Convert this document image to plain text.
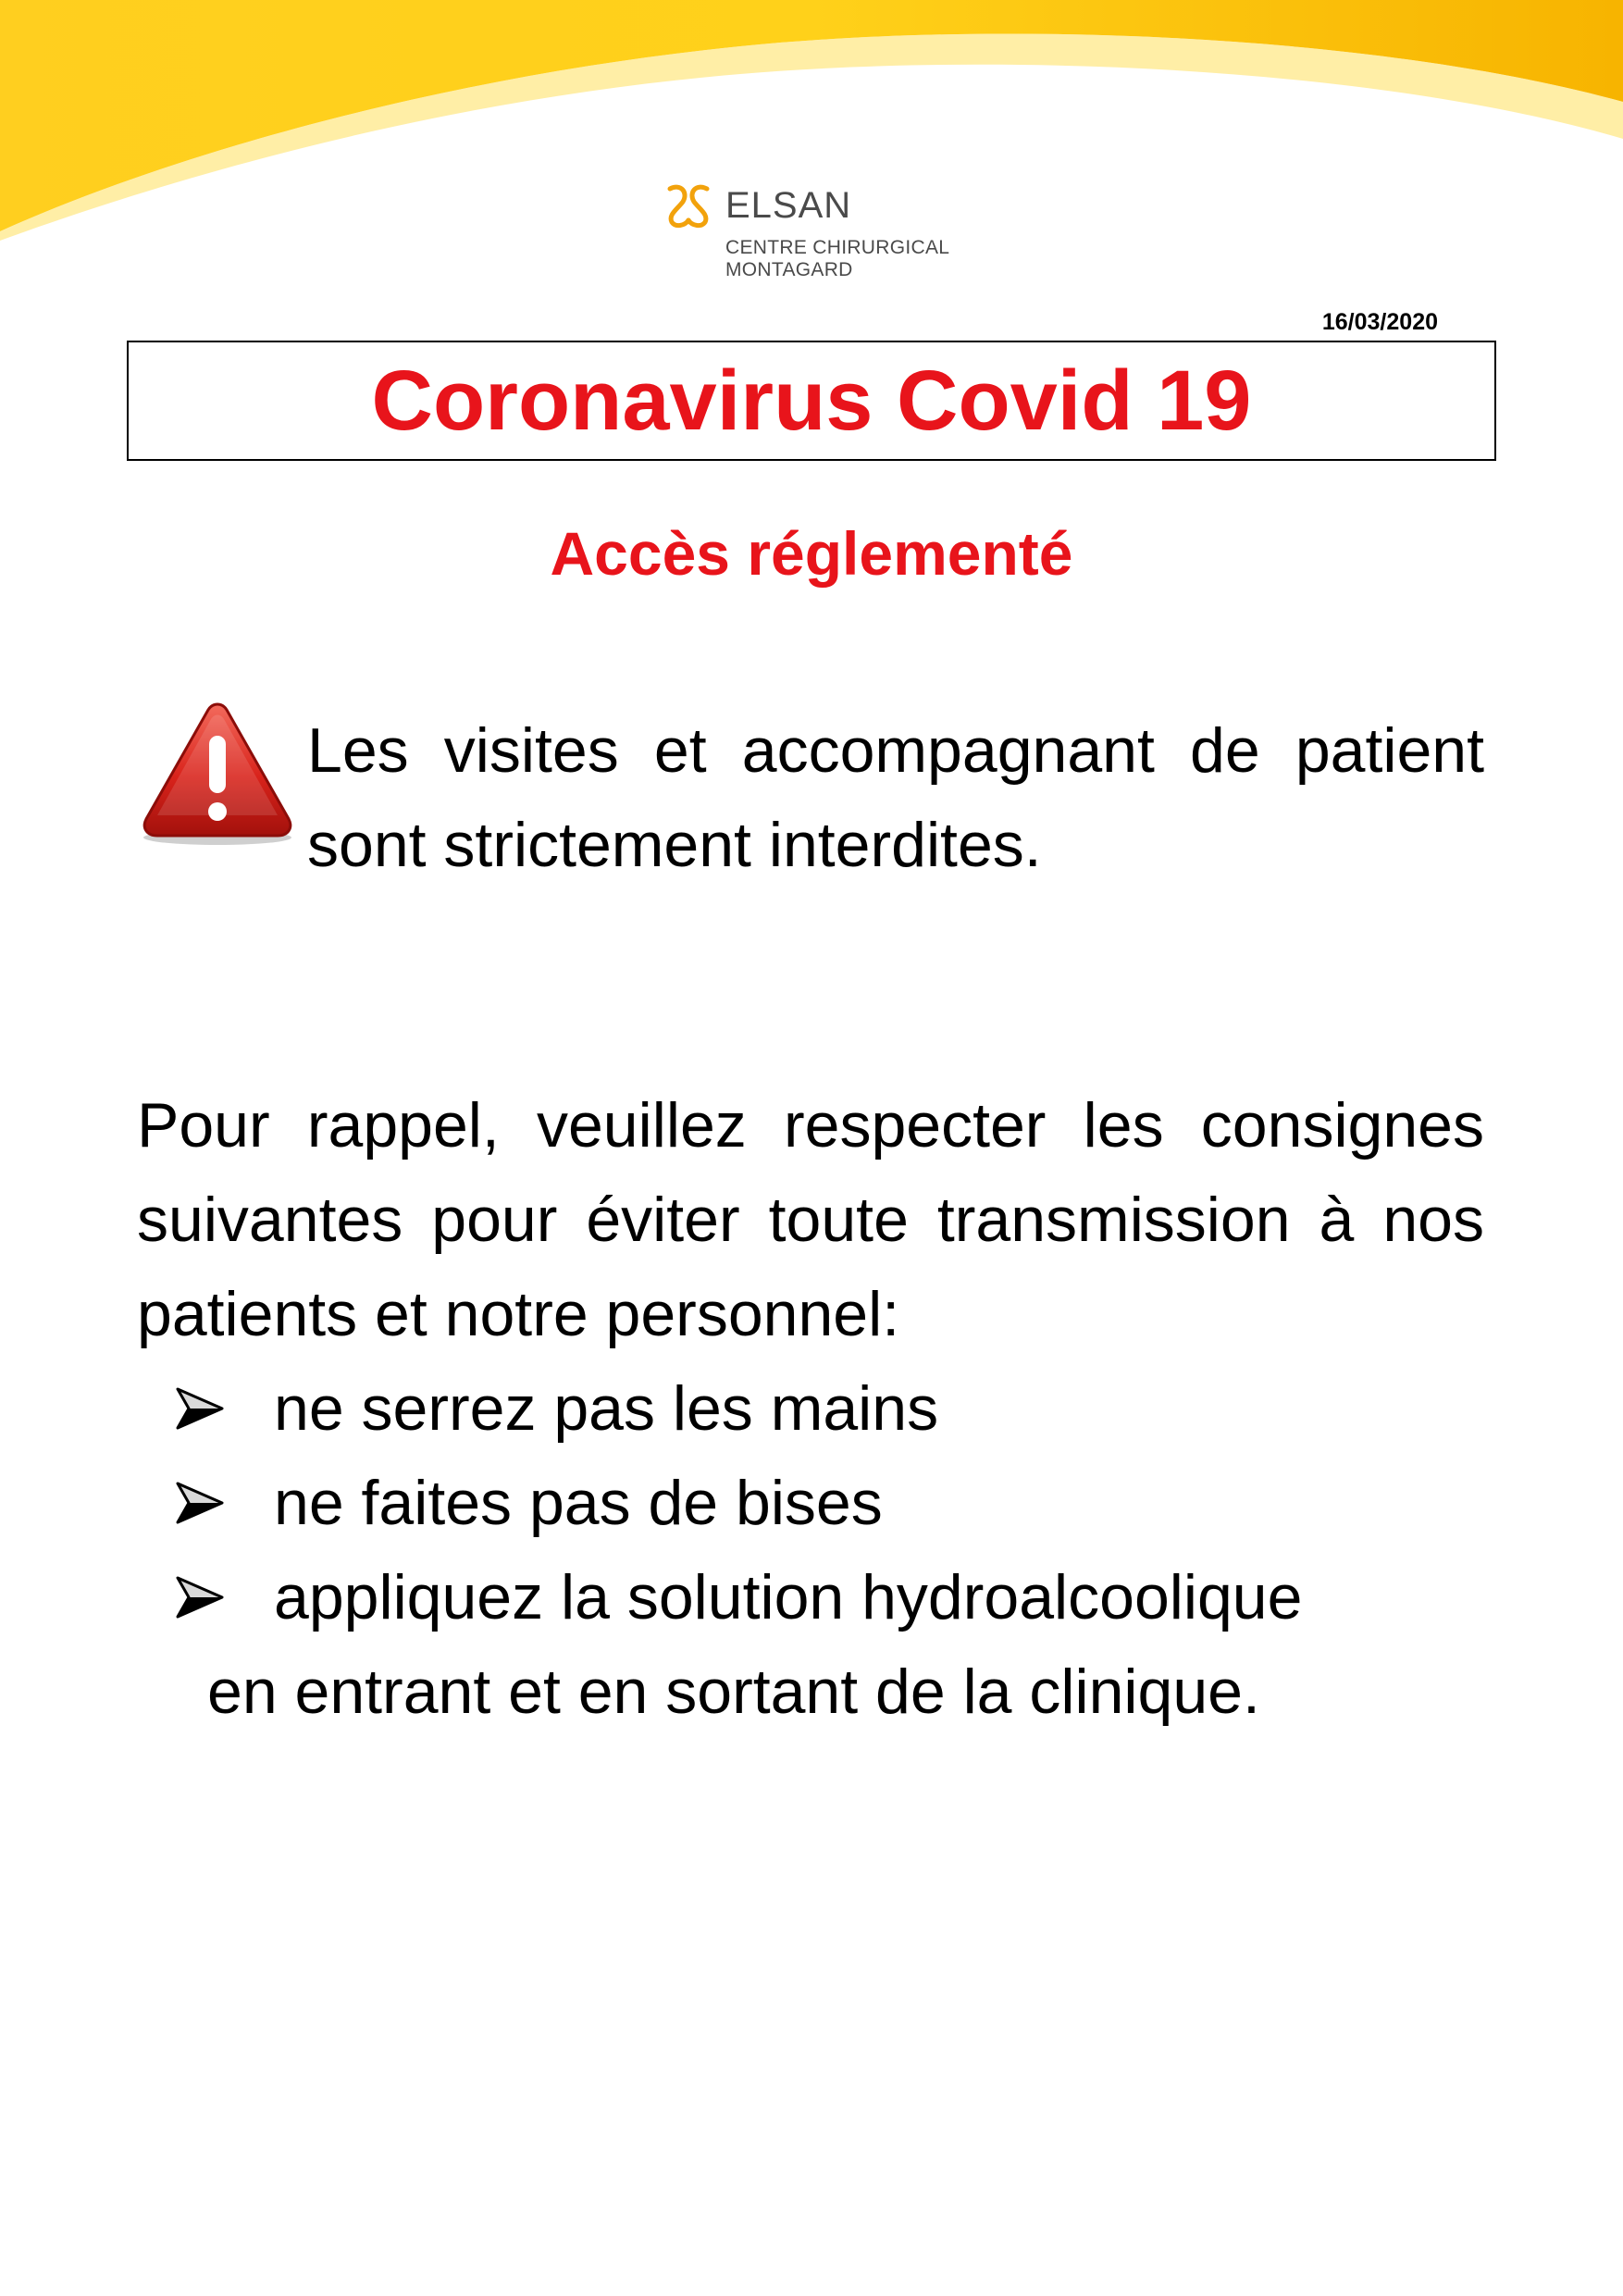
ELSAN
CENTRE CHIRURGICAL
MONTAGARD
16/03/2020
Coronavirus Covid 19
Accès réglementé
Les visites et accompagnant de patient sont strictement interdites.

Pour rappel, veuillez respecter les consignes suivantes pour éviter toute transmission à nos patients et notre personnel:

ne serrez pas les mains
ne faites pas de bises
appliquez la solution hydroalcoolique
en entrant et en sortant de la clinique.
